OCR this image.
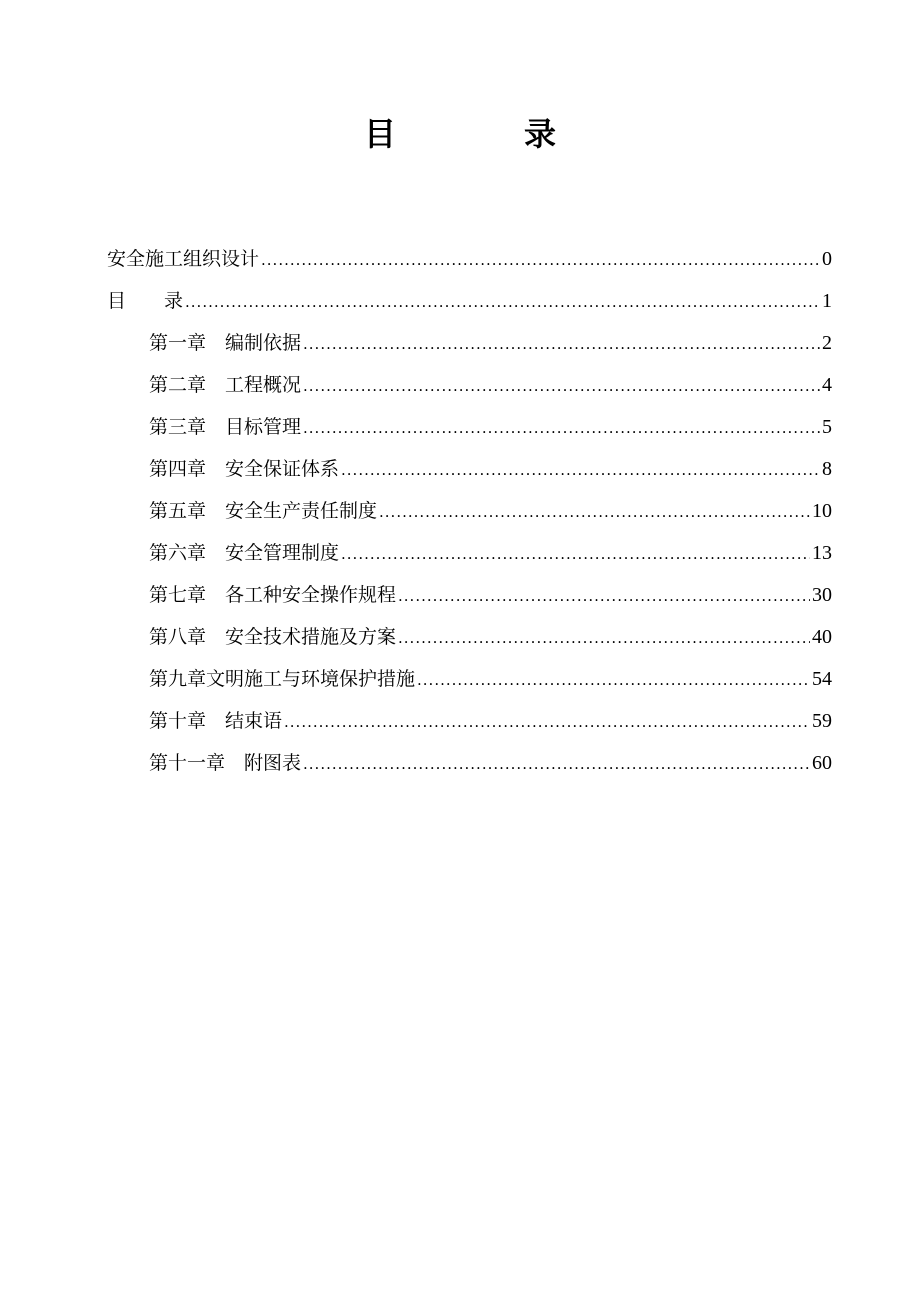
目　录
安全施工组织设计 .....	0
目　　录 .....	1
第一章　编制依据 .....	2
第二章　工程概况 .....	4
第三章　目标管理 .....	5
第四章　安全保证体系 .....	8
第五章　安全生产责任制度 .....	10
第六章　安全管理制度 .....	13
第七章　各工种安全操作规程 .....	30
第八章　安全技术措施及方案 .....	40
第九章文明施工与环境保护措施 .....	54
第十章　结束语 .....	59
第十一章　附图表 .....	60
